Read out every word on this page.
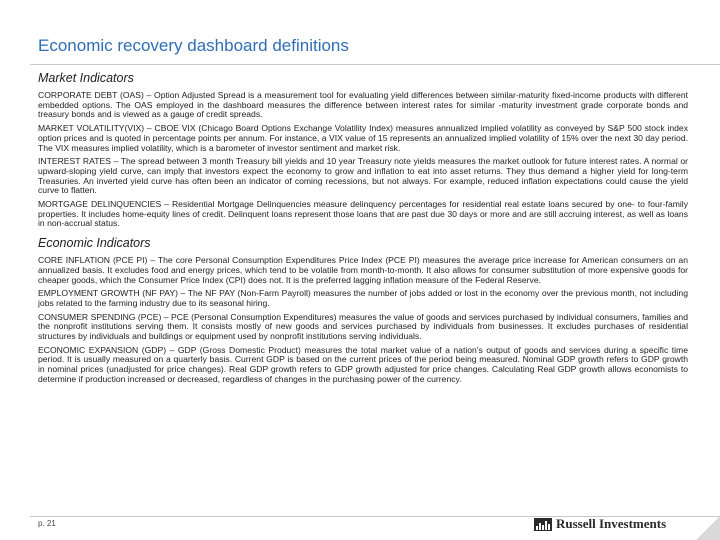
Economic recovery dashboard definitions
Market Indicators

CORPORATE DEBT (OAS) – Option Adjusted Spread is a measurement tool for evaluating yield differences between similar-maturity fixed-income products with different embedded options. The OAS employed in the dashboard measures the difference between interest rates for similar -maturity investment grade corporate bonds and treasury bonds and is viewed as a gauge of credit spreads.

MARKET VOLATILITY(VIX) – CBOE VIX (Chicago Board Options Exchange Volatility Index) measures annualized implied volatility as conveyed by S&P 500 stock index option prices and is quoted in percentage points per annum. For instance, a VIX value of 15 represents an annualized implied volatility of 15% over the next 30 day period. The VIX measures implied volatility, which is a barometer of investor sentiment and market risk.

INTEREST RATES – The spread between 3 month Treasury bill yields and 10 year Treasury note yields measures the market outlook for future interest rates. A normal or upward-sloping yield curve, can imply that investors expect the economy to grow and inflation to eat into asset returns. They thus demand a higher yield for long-term Treasuries. An inverted yield curve has often been an indicator of coming recessions, but not always. For example, reduced inflation expectations could cause the yield curve to flatten.

MORTGAGE DELINQUENCIES – Residential Mortgage Delinquencies measure delinquency percentages for residential real estate loans secured by one- to four-family properties. It includes home-equity lines of credit. Delinquent loans represent those loans that are past due 30 days or more and are still accruing interest, as well as loans in non-accrual status.

Economic Indicators

CORE INFLATION (PCE PI) – The core Personal Consumption Expenditures Price Index (PCE PI) measures the average price increase for American consumers on an annualized basis. It excludes food and energy prices, which tend to be volatile from month-to-month. It also allows for consumer substitution of more expensive goods for cheaper goods, which the Consumer Price Index (CPI) does not. It is the preferred lagging inflation measure of the Federal Reserve.

EMPLOYMENT GROWTH (NF PAY) – The NF PAY (Non-Farm Payroll) measures the number of jobs added or lost in the economy over the previous month, not including jobs related to the farming industry due to its seasonal hiring.

CONSUMER SPENDING (PCE) – PCE (Personal Consumption Expenditures) measures the value of goods and services purchased by individual consumers, families and the nonprofit institutions serving them. It consists mostly of new goods and services purchased by individuals from businesses. It excludes purchases of residential structures by individuals and buildings or equipment used by nonprofit institutions serving individuals.

ECONOMIC EXPANSION (GDP) – GDP (Gross Domestic Product) measures the total market value of a nation's output of goods and services during a specific time period. It is usually measured on a quarterly basis. Current GDP is based on the current prices of the period being measured. Nominal GDP growth refers to GDP growth in nominal prices (unadjusted for price changes). Real GDP growth refers to GDP growth adjusted for price changes. Calculating Real GDP growth allows economists to determine if production increased or decreased, regardless of changes in the purchasing power of the currency.

p. 21	Russell Investments
